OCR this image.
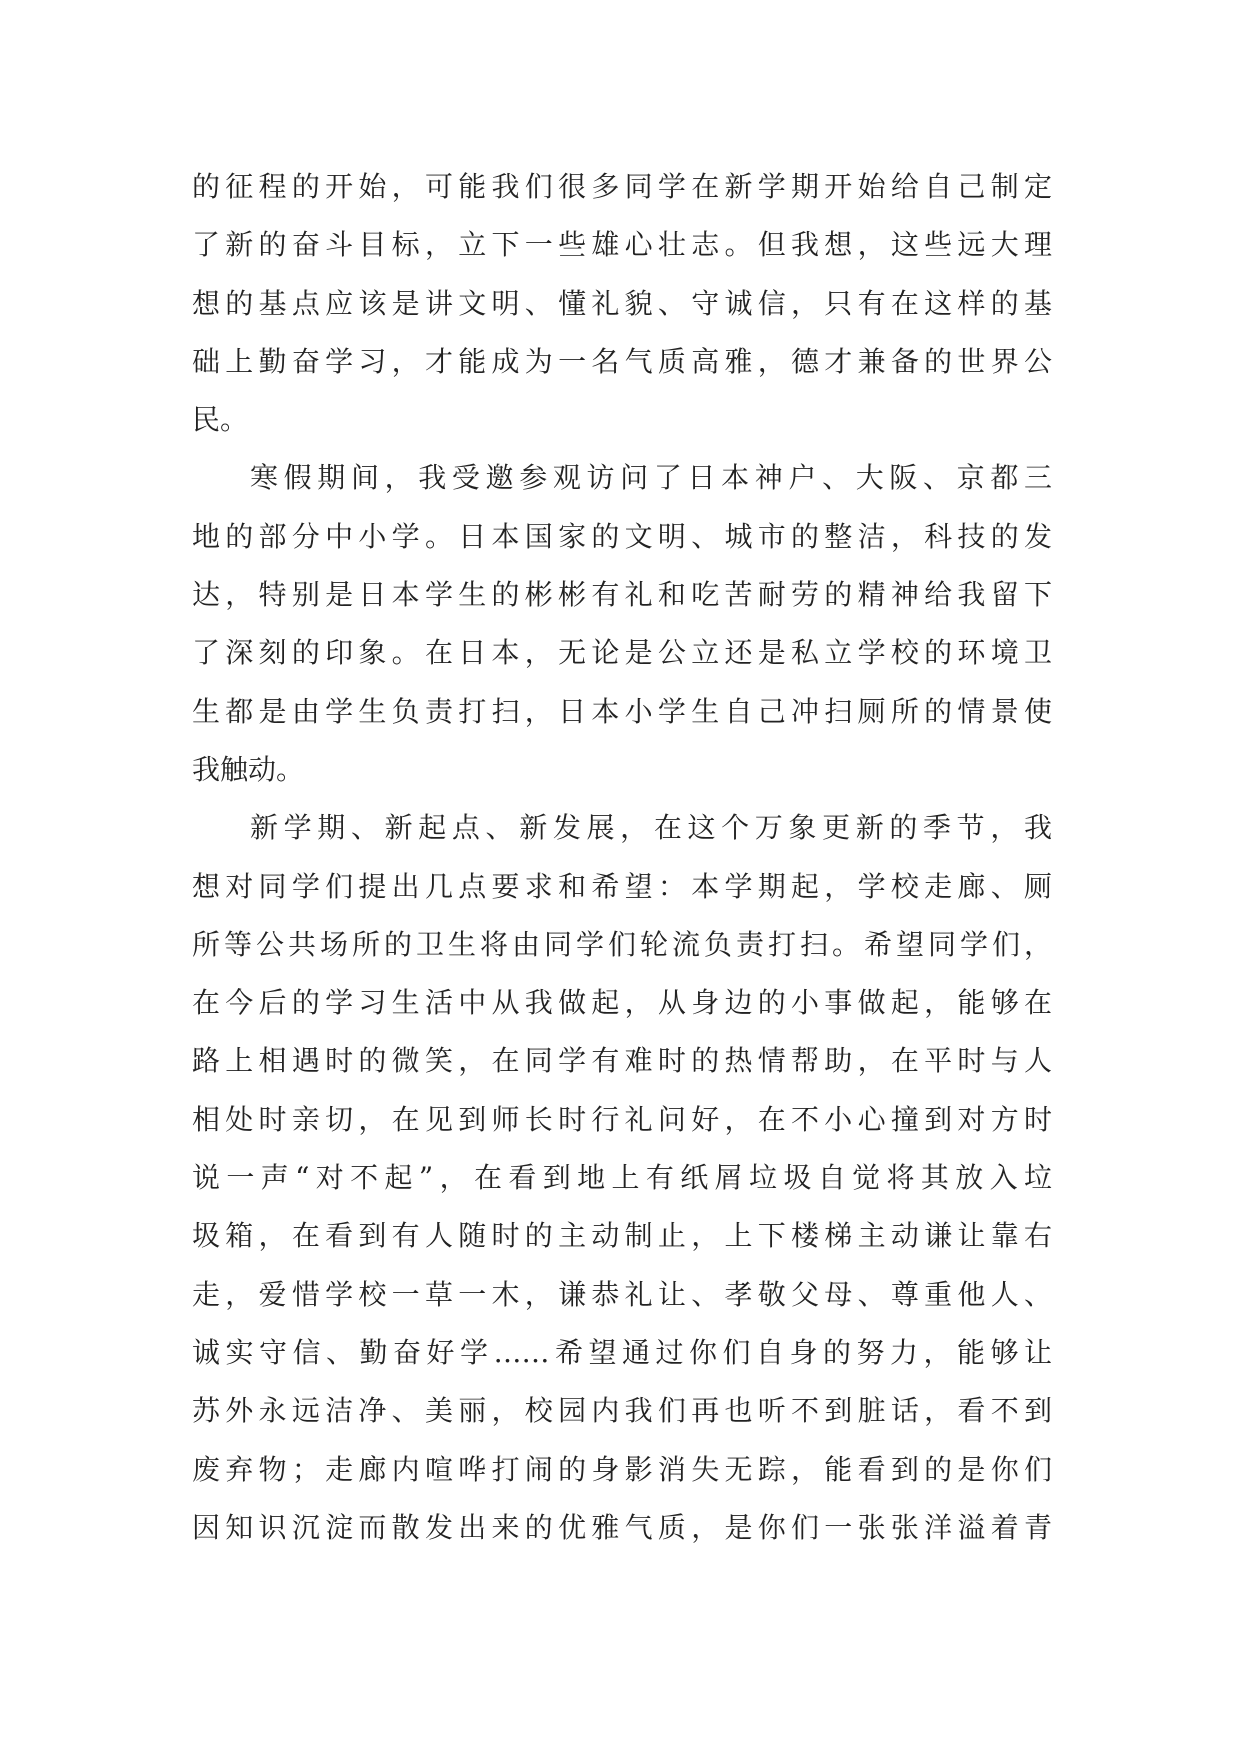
的征程的开始，可能我们很多同学在新学期开始给自己制定
了新的奋斗目标，立下一些雄心壮志。但我想，这些远大理
想的基点应该是讲文明、懂礼貌、守诚信，只有在这样的基
础上勤奋学习，才能成为一名气质高雅，德才兼备的世界公
民。
寒假期间，我受邀参观访问了日本神户、大阪、京都三
地的部分中小学。日本国家的文明、城市的整洁，科技的发
达，特别是日本学生的彬彬有礼和吃苦耐劳的精神给我留下
了深刻的印象。在日本，无论是公立还是私立学校的环境卫
生都是由学生负责打扫，日本小学生自己冲扫厕所的情景使
我触动。
新学期、新起点、新发展，在这个万象更新的季节，我
想对同学们提出几点要求和希望：本学期起，学校走廊、厕
所等公共场所的卫生将由同学们轮流负责打扫。希望同学们，
在今后的学习生活中从我做起，从身边的小事做起，能够在
路上相遇时的微笑，在同学有难时的热情帮助，在平时与人
相处时亲切，在见到师长时行礼问好，在不小心撞到对方时
说一声“对不起”，在看到地上有纸屑垃圾自觉将其放入垃
圾箱，在看到有人随时的主动制止，上下楼梯主动谦让靠右
走，爱惜学校一草一木，谦恭礼让、孝敬父母、尊重他人、
诚实守信、勤奋好学……希望通过你们自身的努力，能够让
苏外永远洁净、美丽，校园内我们再也听不到脏话，看不到
废弃物；走廊内喧哗打闹的身影消失无踪，能看到的是你们
因知识沉淀而散发出来的优雅气质，是你们一张张洋溢着青
